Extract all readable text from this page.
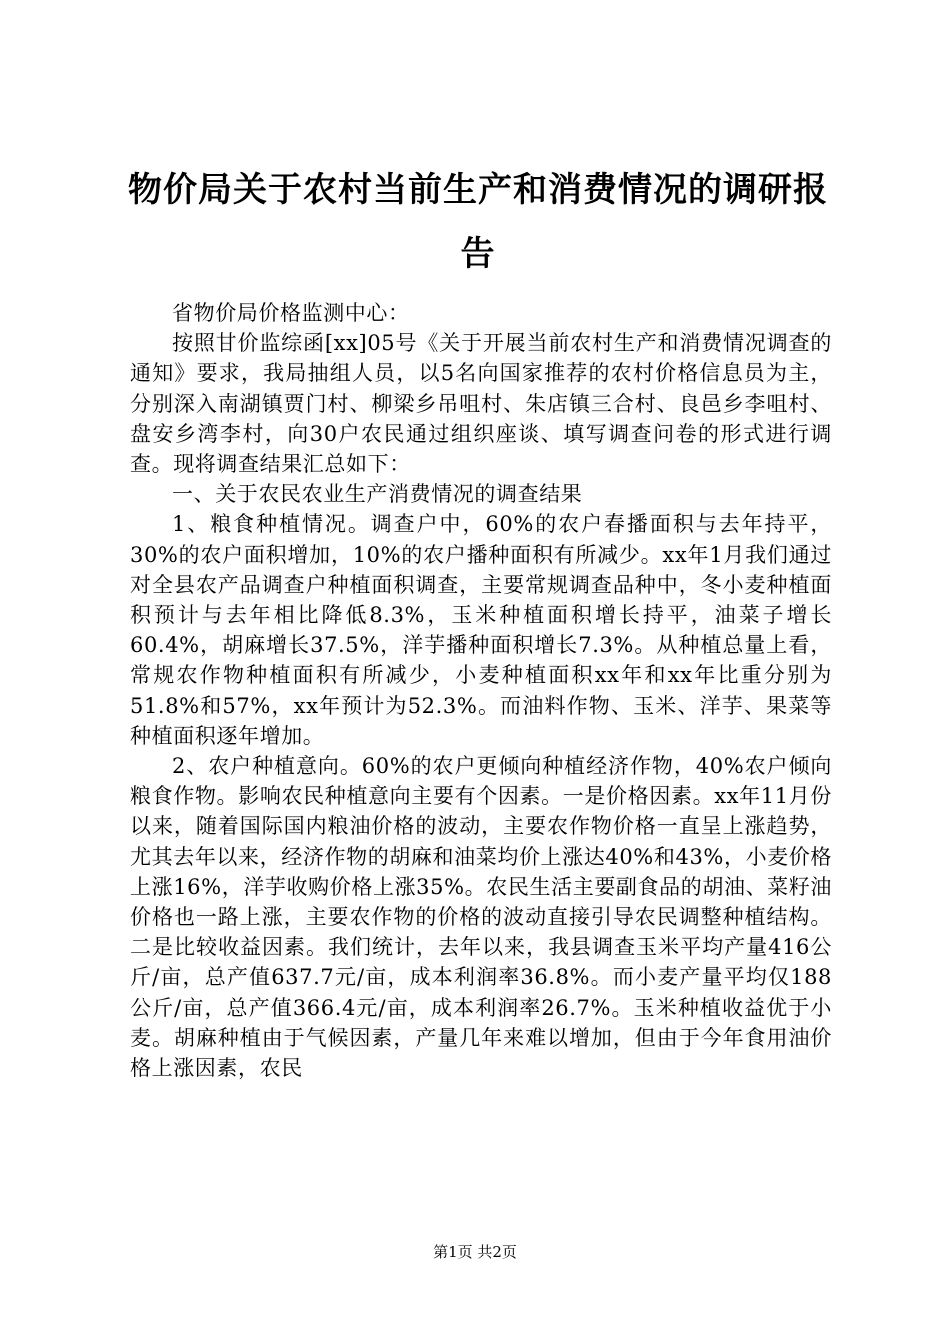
物价局关于农村当前生产和消费情况的调研报告

省物价局价格监测中心：

按照甘价监综函[xx]05号《关于开展当前农村生产和消费情况调查的通知》要求，我局抽组人员，以5名向国家推荐的农村价格信息员为主，分别深入南湖镇贾门村、柳梁乡吊咀村、朱店镇三合村、良邑乡李咀村、盘安乡湾李村，向30户农民通过组织座谈、填写调查问卷的形式进行调查。现将调查结果汇总如下：

一、关于农民农业生产消费情况的调查结果

1、粮食种植情况。调查户中，60%的农户春播面积与去年持平，30%的农户面积增加，10%的农户播种面积有所减少。xx年1月我们通过对全县农产品调查户种植面积调查，主要常规调查品种中，冬小麦种植面积预计与去年相比降低8.3%，玉米种植面积增长持平，油菜子增长60.4%，胡麻增长37.5%，洋芋播种面积增长7.3%。从种植总量上看，常规农作物种植面积有所减少，小麦种植面积xx年和xx年比重分别为51.8%和57%，xx年预计为52.3%。而油料作物、玉米、洋芋、果菜等种植面积逐年增加。

2、农户种植意向。60%的农户更倾向种植经济作物，40%农户倾向粮食作物。影响农民种植意向主要有个因素。一是价格因素。xx年11月份以来，随着国际国内粮油价格的波动，主要农作物价格一直呈上涨趋势，尤其去年以来，经济作物的胡麻和油菜均价上涨达40%和43%，小麦价格上涨16%，洋芋收购价格上涨35%。农民生活主要副食品的胡油、菜籽油价格也一路上涨，主要农作物的价格的波动直接引导农民调整种植结构。二是比较收益因素。我们统计，去年以来，我县调查玉米平均产量416公斤/亩，总产值637.7元/亩，成本利润率36.8%。而小麦产量平均仅188公斤/亩，总产值366.4元/亩，成本利润率26.7%。玉米种植收益优于小麦。胡麻种植由于气候因素，产量几年来难以增加，但由于今年食用油价格上涨因素，农民

第1页 共2页
